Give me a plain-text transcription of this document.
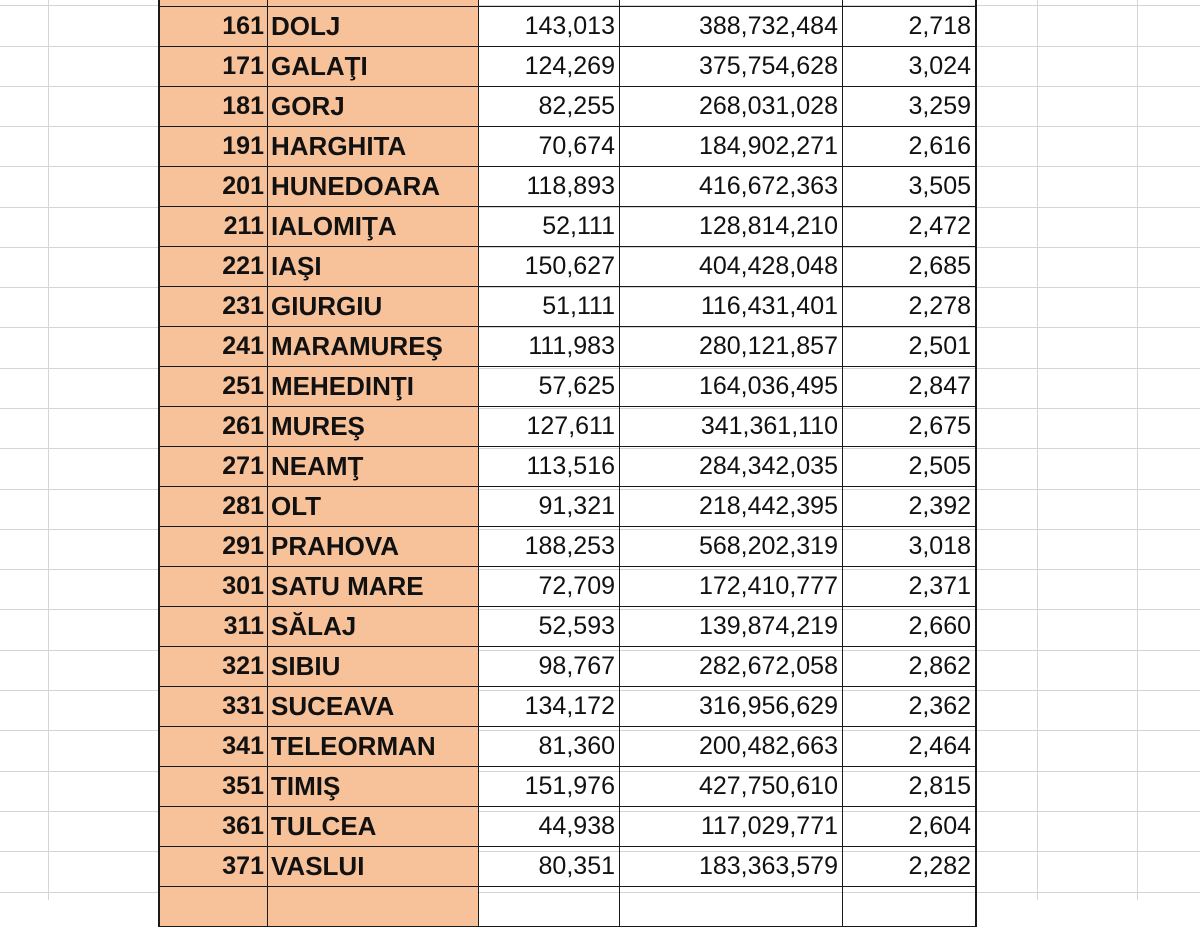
161	DOLJ	143,013	388,732,484	2,718
171	GALAŢI	124,269	375,754,628	3,024
181	GORJ	82,255	268,031,028	3,259
191	HARGHITA	70,674	184,902,271	2,616
201	HUNEDOARA	118,893	416,672,363	3,505
211	IALOMIŢA	52,111	128,814,210	2,472
221	IAŞI	150,627	404,428,048	2,685
231	GIURGIU	51,111	116,431,401	2,278
241	MARAMUREŞ	111,983	280,121,857	2,501
251	MEHEDINŢI	57,625	164,036,495	2,847
261	MUREŞ	127,611	341,361,110	2,675
271	NEAMŢ	113,516	284,342,035	2,505
281	OLT	91,321	218,442,395	2,392
291	PRAHOVA	188,253	568,202,319	3,018
301	SATU MARE	72,709	172,410,777	2,371
311	SĂLAJ	52,593	139,874,219	2,660
321	SIBIU	98,767	282,672,058	2,862
331	SUCEAVA	134,172	316,956,629	2,362
341	TELEORMAN	81,360	200,482,663	2,464
351	TIMIŞ	151,976	427,750,610	2,815
361	TULCEA	44,938	117,029,771	2,604
371	VASLUI	80,351	183,363,579	2,282
